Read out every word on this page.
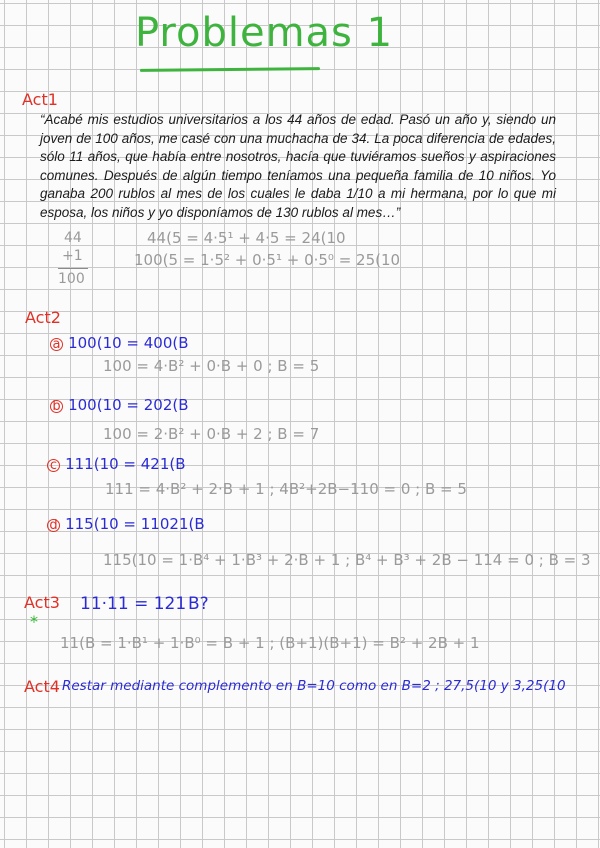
Problemas 1
Act1

“Acabé mis estudios universitarios a los 44 años de edad. Pasó un año y, siendo un joven de 100 años, me casé con una muchacha de 34. La poca diferencia de edades, sólo 11 años, que había entre nosotros, hacía que tuviéramos sueños y aspiraciones comunes. Después de algún tiempo teníamos una pequeña familia de 10 niños. Yo ganaba 200 rublos al mes de los cuales le daba 1/10 a mi hermana, por lo que mi esposa, los niños y yo disponíamos de 130 rublos al mes…”

44
+1
100
44(5 = 4·5¹ + 4·5 = 24(10
100(5 = 1·5² + 0·5¹ + 0·5⁰ = 25(10
Act2
a 100(10 = 400(B
100 = 4·B² + 0·B + 0 ; B = 5
b 100(10 = 202(B
100 = 2·B² + 0·B + 2 ; B = 7
c 111(10 = 421(B
111 = 4·B² + 2·B + 1 ; 4B²+2B−110 = 0 ; B = 5
d 115(10 = 11021(B
115(10 = 1·B⁴ + 1·B³ + 2·B + 1 ; B⁴ + B³ + 2B − 114 = 0 ; B = 3
Act3 11·11 = 121 B?
*
11(B = 1·B¹ + 1·B⁰ = B + 1 ; (B+1)(B+1) = B² + 2B + 1
Act4 Restar mediante complemento en B=10 como en B=2 ; 27,5(10 y 3,25(10
